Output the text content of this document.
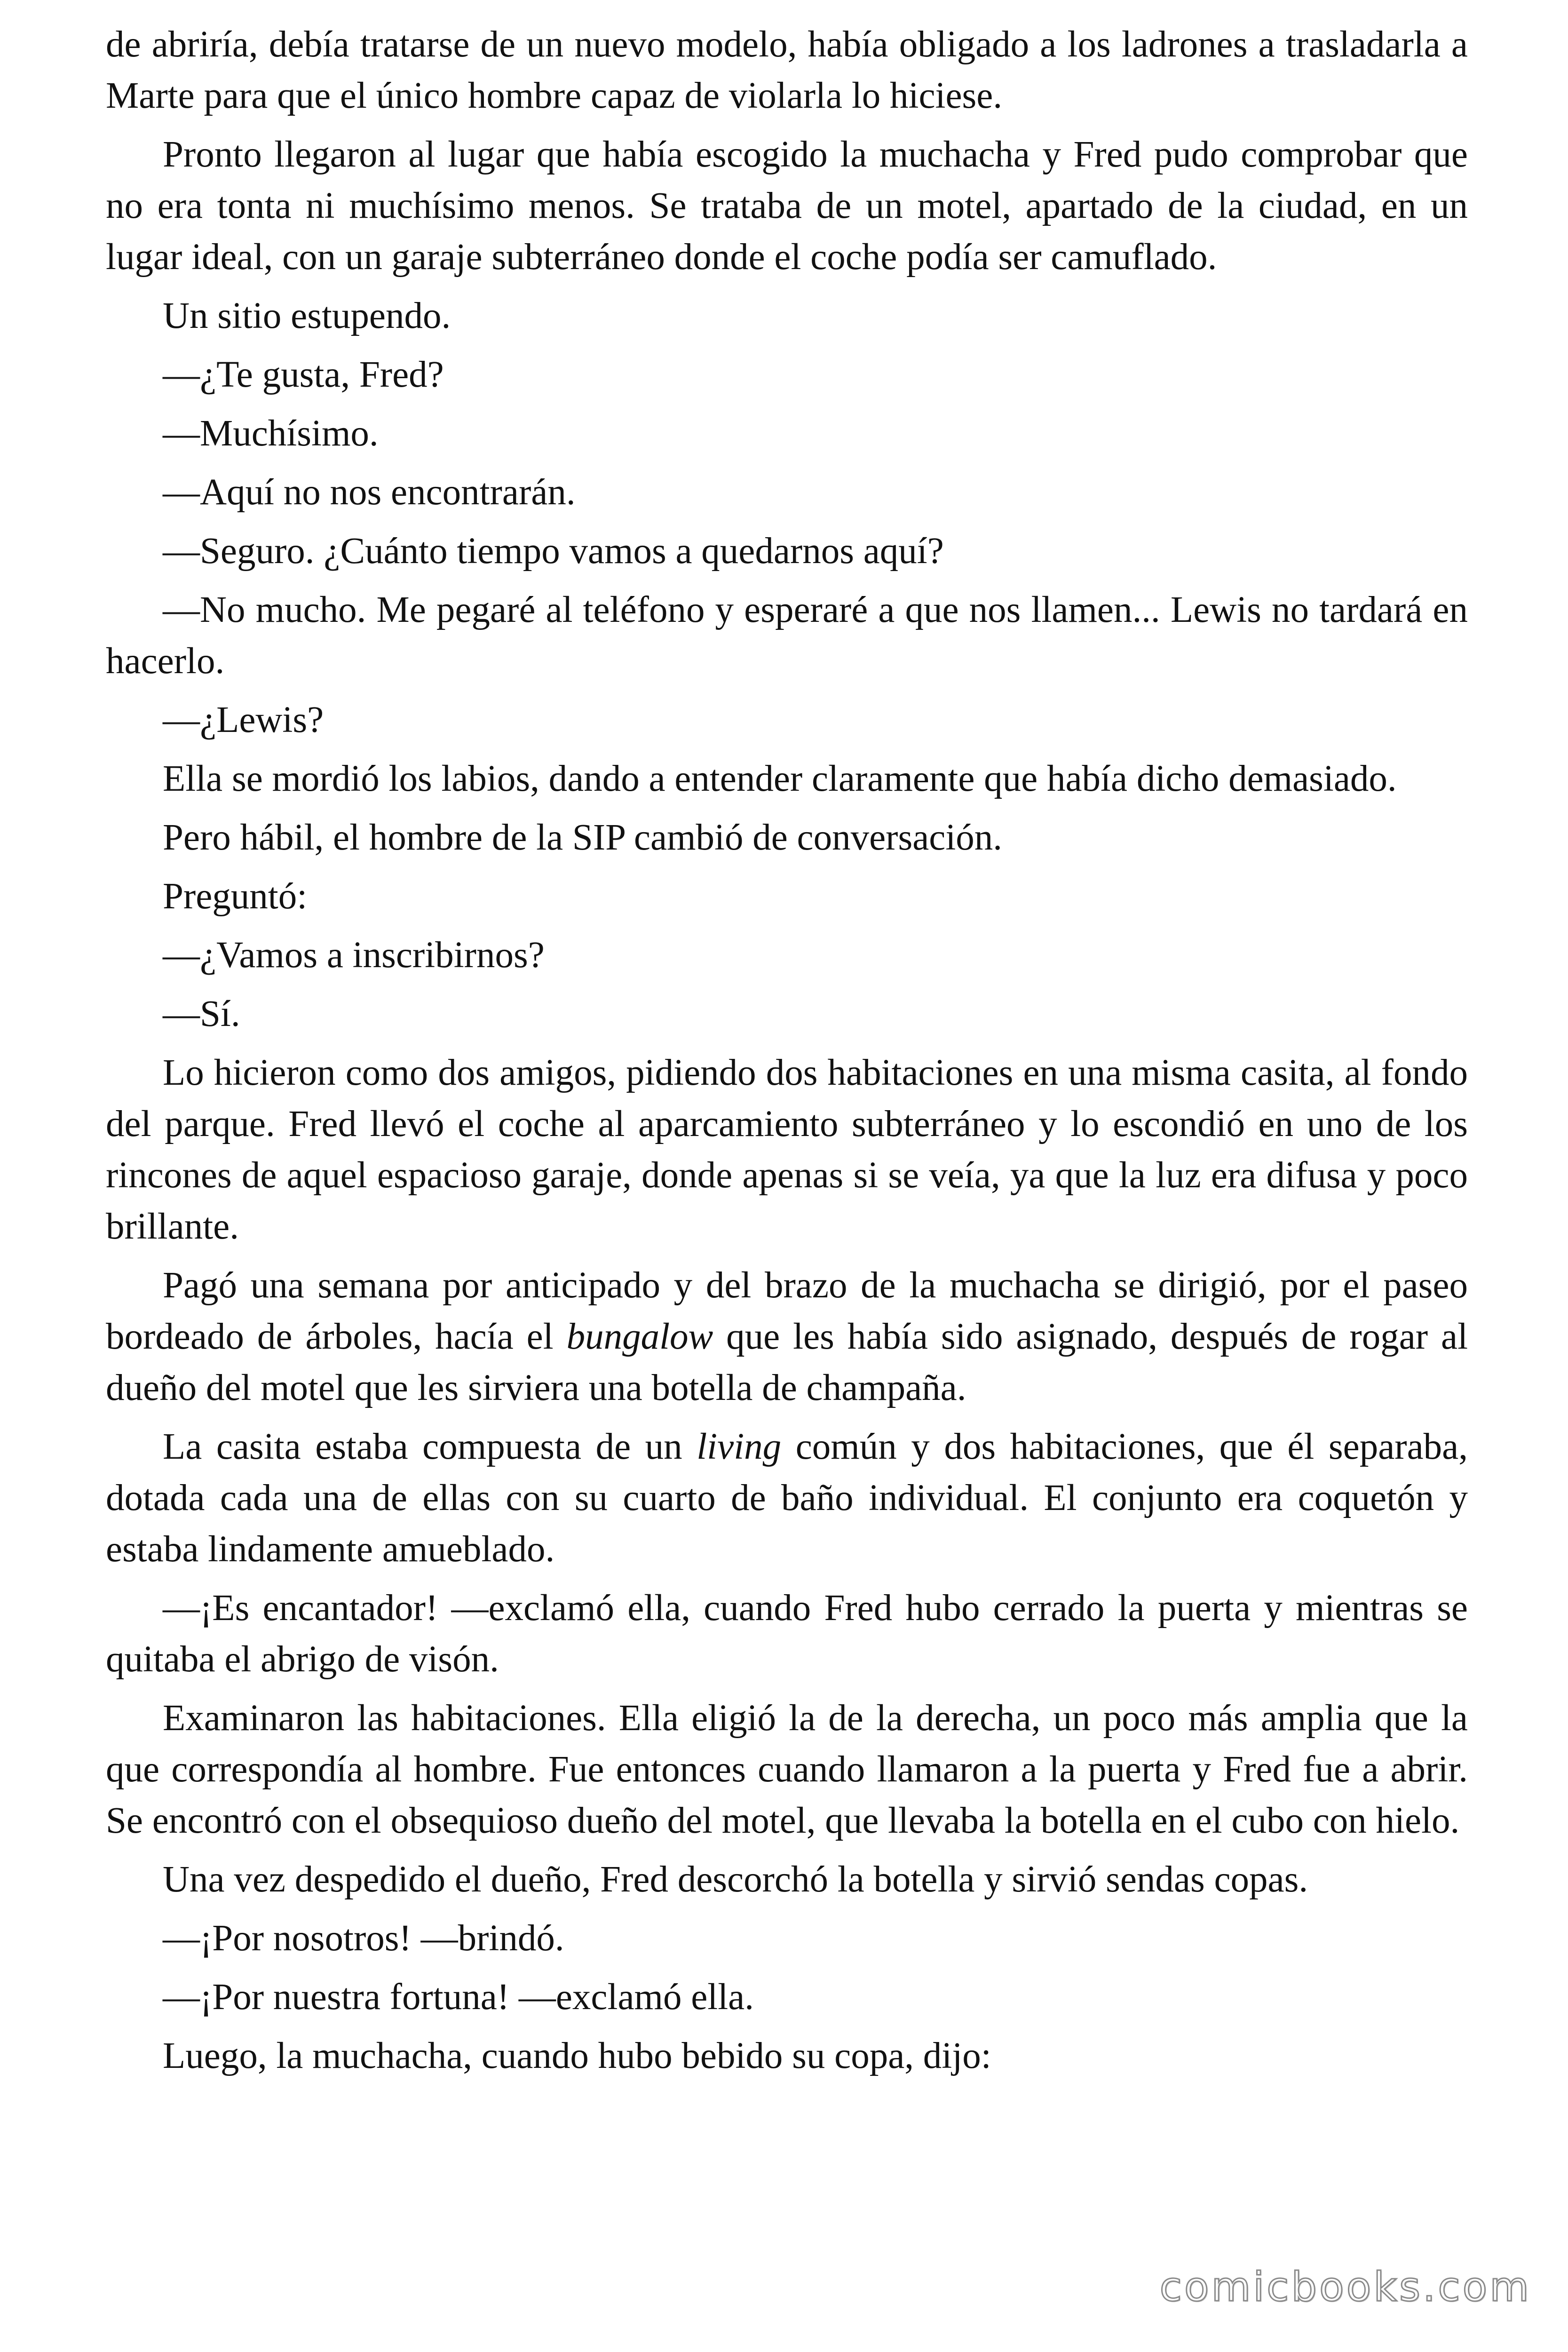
de abriría, debía tratarse de un nuevo modelo, había obligado a los ladrones a trasladarla a Marte para que el único hombre capaz de violarla lo hiciese.

Pronto llegaron al lugar que había escogido la muchacha y Fred pudo comprobar que no era tonta ni muchísimo menos. Se trataba de un motel, apartado de la ciudad, en un lugar ideal, con un garaje subterráneo donde el coche podía ser camuflado.

Un sitio estupendo.

—¿Te gusta, Fred?

—Muchísimo.

—Aquí no nos encontrarán.

—Seguro. ¿Cuánto tiempo vamos a quedarnos aquí?

—No mucho. Me pegaré al teléfono y esperaré a que nos llamen... Lewis no tardará en hacerlo.

—¿Lewis?

Ella se mordió los labios, dando a entender claramente que había dicho demasiado.

Pero hábil, el hombre de la SIP cambió de conversación.

Preguntó:

—¿Vamos a inscribirnos?

—Sí.

Lo hicieron como dos amigos, pidiendo dos habitaciones en una misma casita, al fondo del parque. Fred llevó el coche al aparcamiento subterráneo y lo escondió en uno de los rincones de aquel espacioso garaje, donde apenas si se veía, ya que la luz era difusa y poco brillante.

Pagó una semana por anticipado y del brazo de la muchacha se dirigió, por el paseo bordeado de árboles, hacía el bungalow que les había sido asignado, después de rogar al dueño del motel que les sirviera una botella de champaña.

La casita estaba compuesta de un living común y dos habitaciones, que él separaba, dotada cada una de ellas con su cuarto de baño individual. El conjunto era coquetón y estaba lindamente amueblado.

—¡Es encantador! —exclamó ella, cuando Fred hubo cerrado la puerta y mientras se quitaba el abrigo de visón.

Examinaron las habitaciones. Ella eligió la de la derecha, un poco más amplia que la que correspondía al hombre. Fue entonces cuando llamaron a la puerta y Fred fue a abrir. Se encontró con el obsequioso dueño del motel, que llevaba la botella en el cubo con hielo.

Una vez despedido el dueño, Fred descorchó la botella y sirvió sendas copas.

—¡Por nosotros! —brindó.

—¡Por nuestra fortuna! —exclamó ella.

Luego, la muchacha, cuando hubo bebido su copa, dijo:

comicbooks.com
